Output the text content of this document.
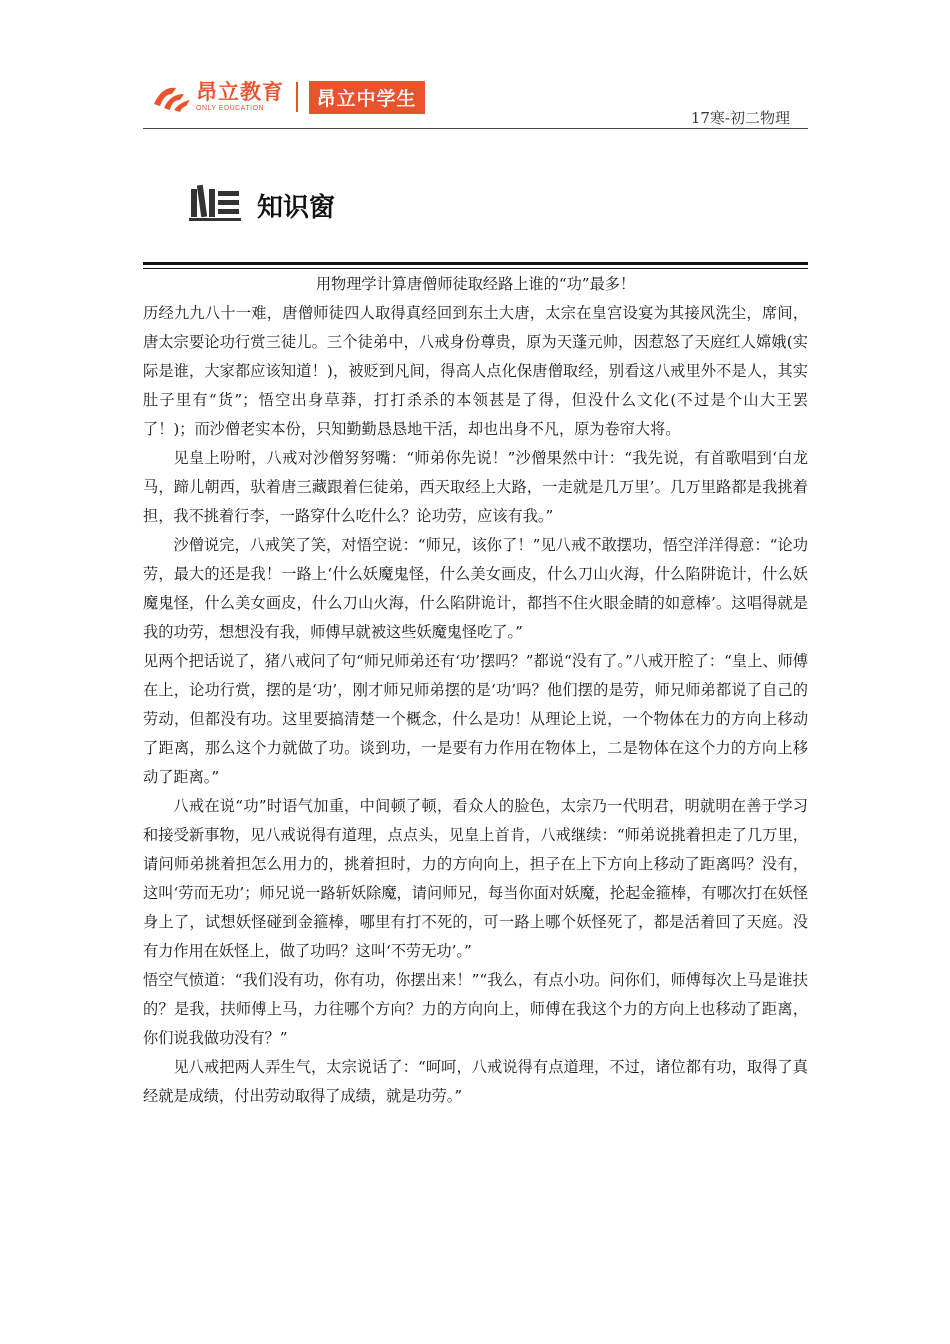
昂立教育
ONLY EDUCATION	昂立中学生
17寒-初二物理
知识窗
用物理学计算唐僧师徒取经路上谁的“功”最多！

历经九九八十一难，唐僧师徒四人取得真经回到东土大唐，太宗在皇宫设宴为其接风洗尘，席间，唐太宗要论功行赏三徒儿。三个徒弟中，八戒身份尊贵，原为天蓬元帅，因惹怒了天庭红人嫦娥(实际是谁，大家都应该知道！)，被贬到凡间，得高人点化保唐僧取经，别看这八戒里外不是人，其实肚子里有“货”；悟空出身草莽，打打杀杀的本领甚是了得，但没什么文化(不过是个山大王罢了！)；而沙僧老实本份，只知勤勤恳恳地干活，却也出身不凡，原为卷帘大将。

见皇上吩咐，八戒对沙僧努努嘴：“师弟你先说！”沙僧果然中计：“我先说，有首歌唱到‘白龙马，蹄儿朝西，驮着唐三藏跟着仨徒弟，西天取经上大路，一走就是几万里’。几万里路都是我挑着担，我不挑着行李，一路穿什么吃什么？论功劳，应该有我。”

沙僧说完，八戒笑了笑，对悟空说：“师兄，该你了！”见八戒不敢摆功，悟空洋洋得意：“论功劳，最大的还是我！一路上‘什么妖魔鬼怪，什么美女画皮，什么刀山火海，什么陷阱诡计，什么妖魔鬼怪，什么美女画皮，什么刀山火海，什么陷阱诡计，都挡不住火眼金睛的如意棒’。这唱得就是我的功劳，想想没有我，师傅早就被这些妖魔鬼怪吃了。”

见两个把话说了，猪八戒问了句“师兄师弟还有‘功’摆吗？”都说“没有了。”八戒开腔了：“皇上、师傅在上，论功行赏，摆的是‘功’，刚才师兄师弟摆的是‘功’吗？他们摆的是劳，师兄师弟都说了自己的劳动，但都没有功。这里要搞清楚一个概念，什么是功！从理论上说，一个物体在力的方向上移动了距离，那么这个力就做了功。谈到功，一是要有力作用在物体上，二是物体在这个力的方向上移动了距离。”

八戒在说“功”时语气加重，中间顿了顿，看众人的脸色，太宗乃一代明君，明就明在善于学习和接受新事物，见八戒说得有道理，点点头，见皇上首肯，八戒继续：“师弟说挑着担走了几万里，请问师弟挑着担怎么用力的，挑着担时，力的方向向上，担子在上下方向上移动了距离吗？没有，这叫‘劳而无功’；师兄说一路斩妖除魔，请问师兄，每当你面对妖魔，抡起金箍棒，有哪次打在妖怪身上了，试想妖怪碰到金箍棒，哪里有打不死的，可一路上哪个妖怪死了，都是活着回了天庭。没有力作用在妖怪上，做了功吗？这叫‘不劳无功’。”

悟空气愤道：“我们没有功，你有功，你摆出来！”“我么，有点小功。问你们，师傅每次上马是谁扶的？是我，扶师傅上马，力往哪个方向？力的方向向上，师傅在我这个力的方向上也移动了距离，你们说我做功没有？”

见八戒把两人弄生气，太宗说话了：“呵呵，八戒说得有点道理，不过，诸位都有功，取得了真经就是成绩，付出劳动取得了成绩，就是功劳。”
